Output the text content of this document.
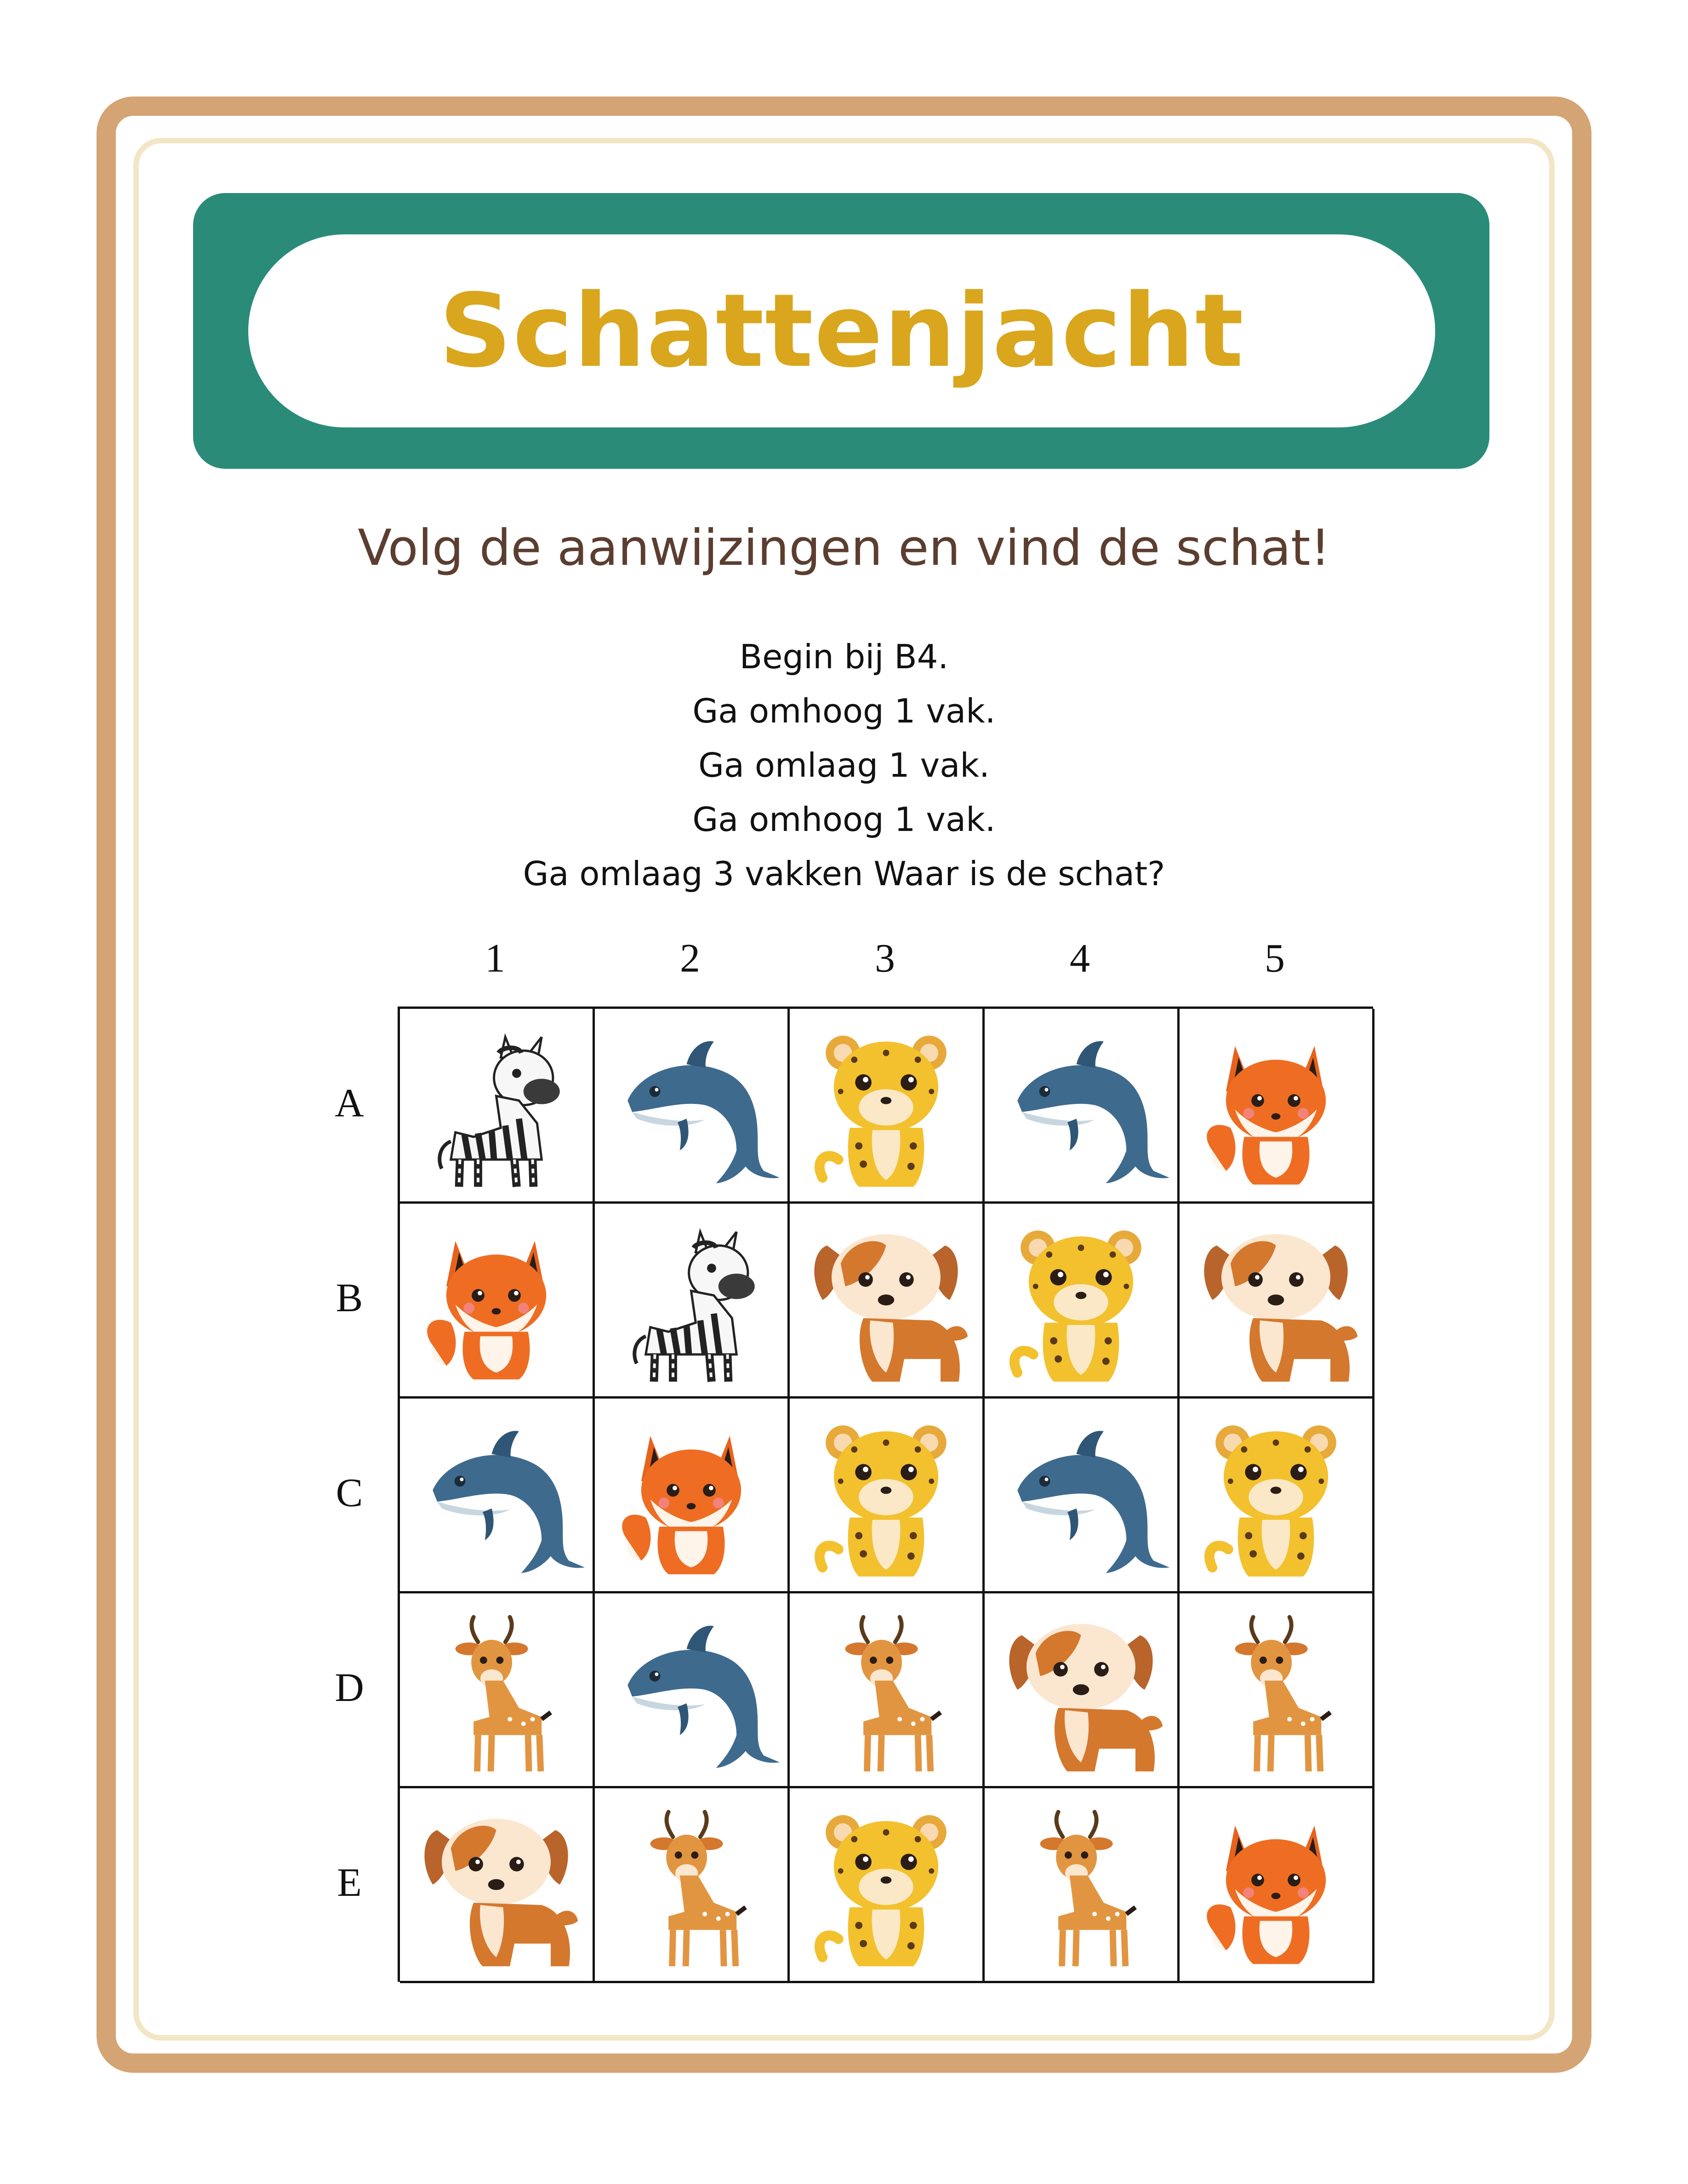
Schattenjacht
Volg de aanwijzingen en vind de schat!
Begin bij B4.
Ga omhoog 1 vak.
Ga omlaag 1 vak.
Ga omhoog 1 vak.
Ga omlaag 3 vakken Waar is de schat?
1	2	3	4	5
A
B
C
D
E
